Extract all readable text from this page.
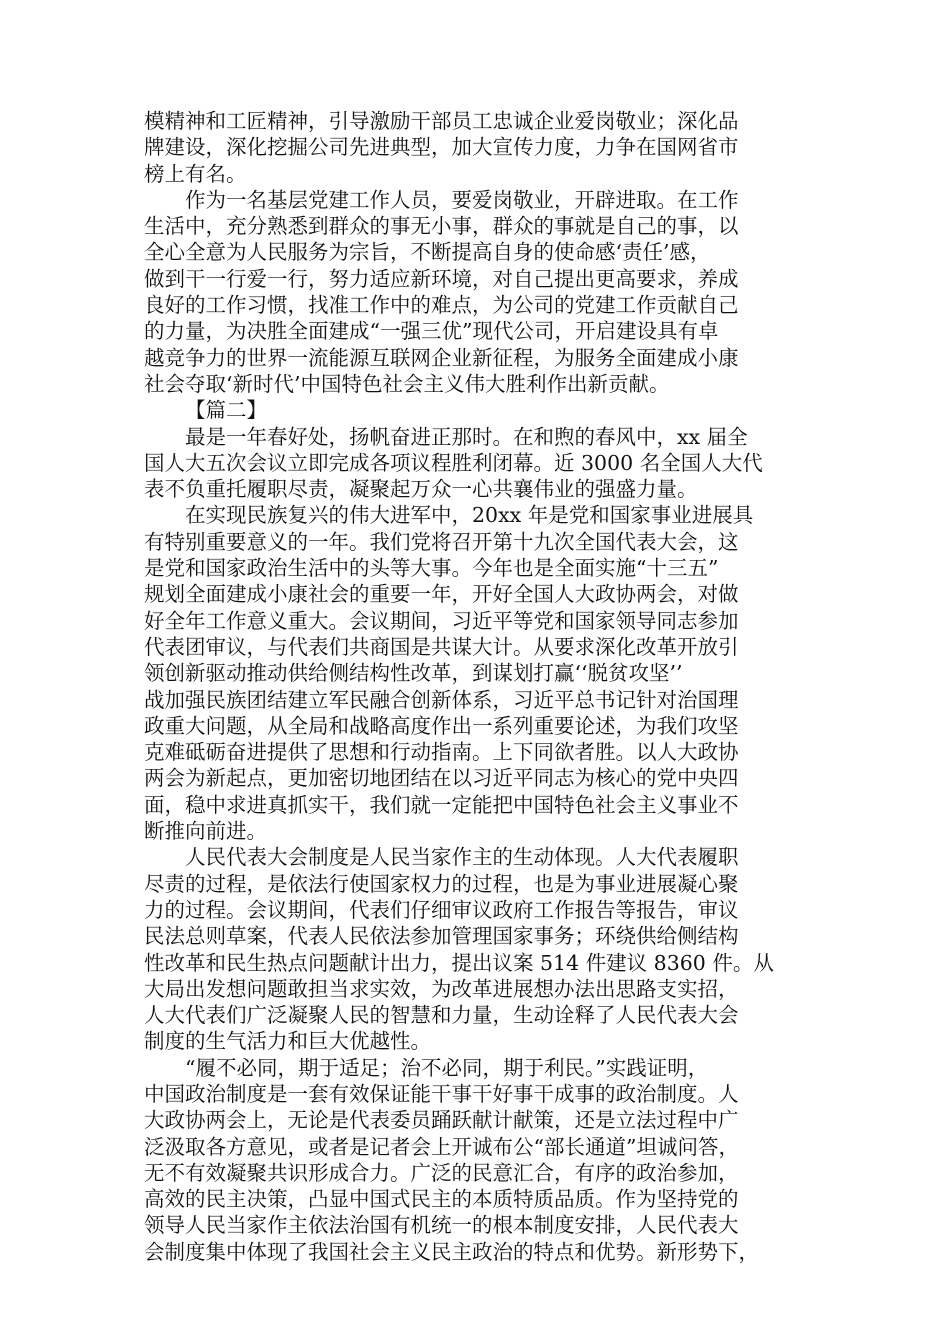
模精神和工匠精神，引导激励干部员工忠诚企业爱岗敬业；深化品
牌建设，深化挖掘公司先进典型，加大宣传力度，力争在国网省市
榜上有名。
作为一名基层党建工作人员，要爱岗敬业，开辟进取。在工作
生活中，充分熟悉到群众的事无小事，群众的事就是自己的事，以
全心全意为人民服务为宗旨，不断提高自身的使命感‘责任’感，
做到干一行爱一行，努力适应新环境，对自己提出更高要求，养成
良好的工作习惯，找准工作中的难点，为公司的党建工作贡献自己
的力量，为决胜全面建成“一强三优”现代公司，开启建设具有卓
越竞争力的世界一流能源互联网企业新征程，为服务全面建成小康
社会夺取‘新时代’中国特色社会主义伟大胜利作出新贡献。
【篇二】
最是一年春好处，扬帆奋进正那时。在和煦的春风中，xx 届全
国人大五次会议立即完成各项议程胜利闭幕。近 3000 名全国人大代
表不负重托履职尽责，凝聚起万众一心共襄伟业的强盛力量。
在实现民族复兴的伟大进军中，20xx 年是党和国家事业进展具
有特别重要意义的一年。我们党将召开第十九次全国代表大会，这
是党和国家政治生活中的头等大事。今年也是全面实施“十三五”
规划全面建成小康社会的重要一年，开好全国人大政协两会，对做
好全年工作意义重大。会议期间，习近平等党和国家领导同志参加
代表团审议，与代表们共商国是共谋大计。从要求深化改革开放引
领创新驱动推动供给侧结构性改革，到谋划打赢‘‘脱贫攻坚’’
战加强民族团结建立军民融合创新体系，习近平总书记针对治国理
政重大问题，从全局和战略高度作出一系列重要论述，为我们攻坚
克难砥砺奋进提供了思想和行动指南。上下同欲者胜。以人大政协
两会为新起点，更加密切地团结在以习近平同志为核心的党中央四
面，稳中求进真抓实干，我们就一定能把中国特色社会主义事业不
断推向前进。
人民代表大会制度是人民当家作主的生动体现。人大代表履职
尽责的过程，是依法行使国家权力的过程，也是为事业进展凝心聚
力的过程。会议期间，代表们仔细审议政府工作报告等报告，审议
民法总则草案，代表人民依法参加管理国家事务；环绕供给侧结构
性改革和民生热点问题献计出力，提出议案 514 件建议 8360 件。从
大局出发想问题敢担当求实效，为改革进展想办法出思路支实招，
人大代表们广泛凝聚人民的智慧和力量，生动诠释了人民代表大会
制度的生气活力和巨大优越性。
“履不必同，期于适足；治不必同，期于利民。”实践证明，
中国政治制度是一套有效保证能干事干好事干成事的政治制度。人
大政协两会上，无论是代表委员踊跃献计献策，还是立法过程中广
泛汲取各方意见，或者是记者会上开诚布公“部长通道”坦诚问答，
无不有效凝聚共识形成合力。广泛的民意汇合，有序的政治参加，
高效的民主决策，凸显中国式民主的本质特质品质。作为坚持党的
领导人民当家作主依法治国有机统一的根本制度安排，人民代表大
会制度集中体现了我国社会主义民主政治的特点和优势。新形势下，
